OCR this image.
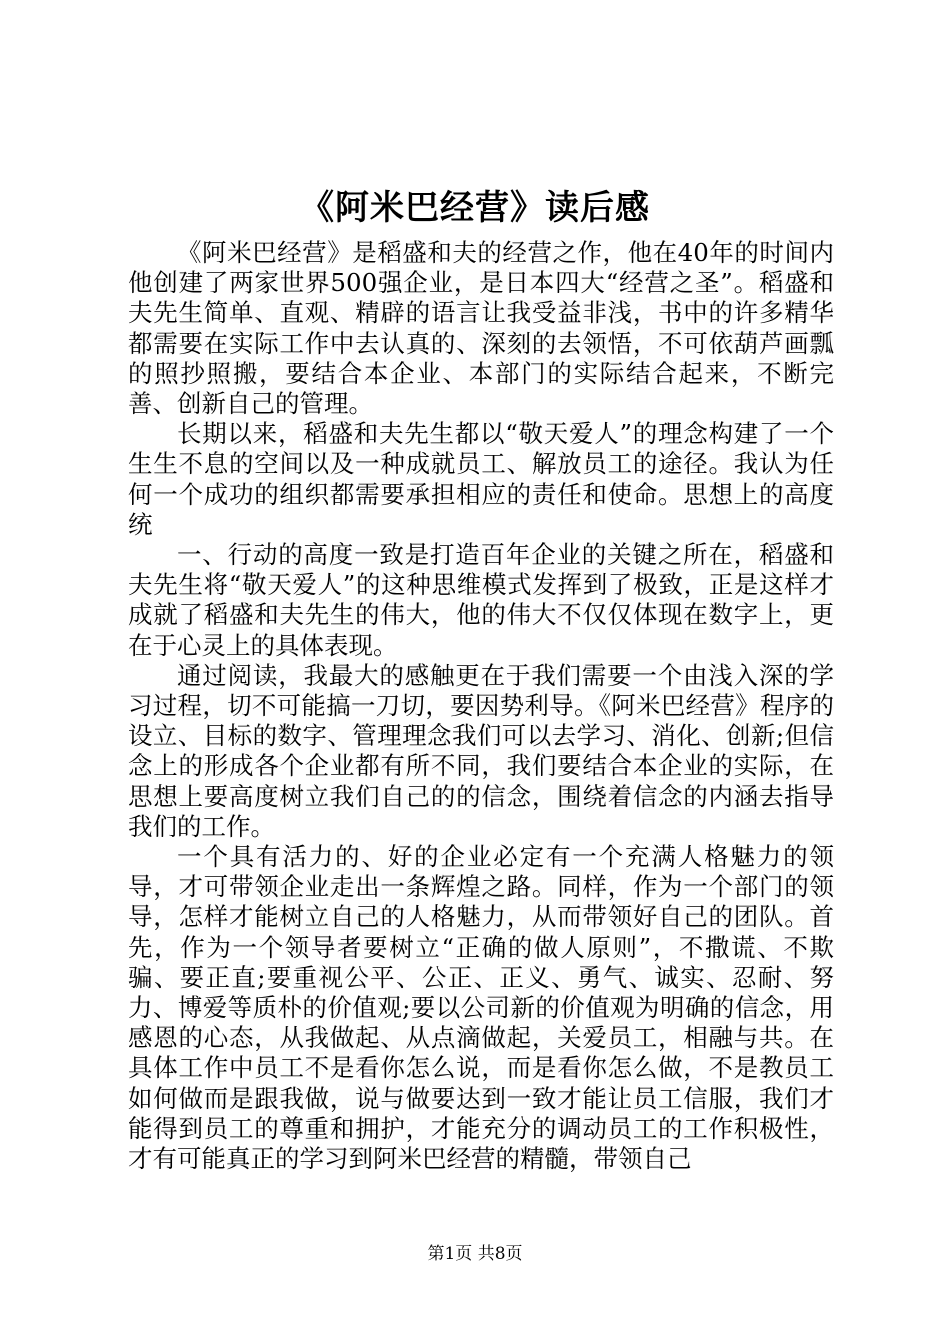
《阿米巴经营》读后感

《阿米巴经营》是稻盛和夫的经营之作，他在40年的时间内他创建了两家世界500强企业，是日本四大“经营之圣”。稻盛和夫先生简单、直观、精辟的语言让我受益非浅，书中的许多精华都需要在实际工作中去认真的、深刻的去领悟，不可依葫芦画瓢的照抄照搬，要结合本企业、本部门的实际结合起来，不断完善、创新自己的管理。

长期以来，稻盛和夫先生都以“敬天爱人”的理念构建了一个生生不息的空间以及一种成就员工、解放员工的途径。我认为任何一个成功的组织都需要承担相应的责任和使命。思想上的高度统

一、行动的高度一致是打造百年企业的关键之所在，稻盛和夫先生将“敬天爱人”的这种思维模式发挥到了极致，正是这样才成就了稻盛和夫先生的伟大，他的伟大不仅仅体现在数字上，更在于心灵上的具体表现。

通过阅读，我最大的感触更在于我们需要一个由浅入深的学习过程，切不可能搞一刀切，要因势利导。《阿米巴经营》程序的设立、目标的数字、管理理念我们可以去学习、消化、创新;但信念上的形成各个企业都有所不同，我们要结合本企业的实际，在思想上要高度树立我们自己的的信念，围绕着信念的内涵去指导我们的工作。

一个具有活力的、好的企业必定有一个充满人格魅力的领导，才可带领企业走出一条辉煌之路。同样，作为一个部门的领导，怎样才能树立自己的人格魅力，从而带领好自己的团队。首先，作为一个领导者要树立“正确的做人原则”，不撒谎、不欺骗、要正直;要重视公平、公正、正义、勇气、诚实、忍耐、努力、博爱等质朴的价值观;要以公司新的价值观为明确的信念，用感恩的心态，从我做起、从点滴做起，关爱员工，相融与共。在具体工作中员工不是看你怎么说，而是看你怎么做，不是教员工如何做而是跟我做，说与做要达到一致才能让员工信服，我们才能得到员工的尊重和拥护，才能充分的调动员工的工作积极性，才有可能真正的学习到阿米巴经营的精髓，带领自己

第1页 共8页
